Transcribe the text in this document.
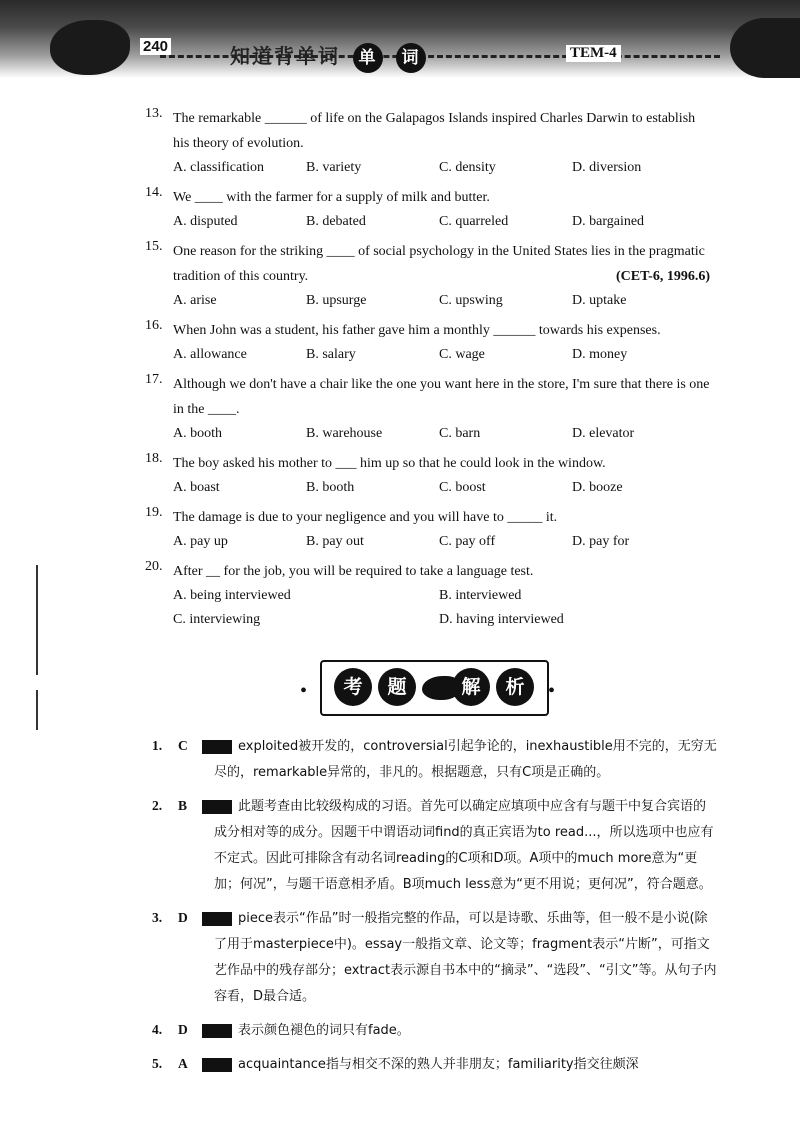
240	知道背单词 单 词	TEM-4
13. The remarkable ______ of life on the Galapagos Islands inspired Charles Darwin to establish his theory of evolution.
A. classification	B. variety	C. density	D. diversion
14. We ____ with the farmer for a supply of milk and butter.
A. disputed	B. debated	C. quarreled	D. bargained
15. One reason for the striking ____ of social psychology in the United States lies in the pragmatic tradition of this country.	(CET-6, 1996.6)
A. arise	B. upsurge	C. upswing	D. uptake
16. When John was a student, his father gave him a monthly ______ towards his expenses.
A. allowance	B. salary	C. wage	D. money
17. Although we don't have a chair like the one you want here in the store, I'm sure that there is one in the ____.
A. booth	B. warehouse	C. barn	D. elevator
18. The boy asked his mother to ___ him up so that he could look in the window.
A. boast	B. booth	C. boost	D. booze
19. The damage is due to your negligence and you will have to _____ it.
A. pay up	B. pay out	C. pay off	D. pay for
20. After __ for the job, you will be required to take a language test.
A. being interviewed	B. interviewed
C. interviewing	D. having interviewed
•	考	题	解	析	•
1. C	exploited被开发的，controversial引起争论的，inexhaustible用不完的，无穷无尽的，remarkable异常的，非凡的。根据题意，只有C项是正确的。
2. B	此题考查由比较级构成的习语。首先可以确定应填项中应含有与题干中复合宾语的成分相对等的成分。因题干中谓语动词find的真正宾语为to read...，所以选项中也应有不定式。因此可排除含有动名词reading的C项和D项。A项中的much more意为“更加；何况”，与题干语意相矛盾。B项much less意为“更不用说；更何况”，符合题意。
3. D	piece表示“作品”时一般指完整的作品，可以是诗歌、乐曲等，但一般不是小说(除了用于masterpiece中)。essay一般指文章、论文等；fragment表示“片断”，可指文艺作品中的残存部分；extract表示源自书本中的“摘录”、“选段”、“引文”等。从句子内容看，D最合适。
4. D	表示颜色褪色的词只有fade。
5. A	acquaintance指与相交不深的熟人并非朋友；familiarity指交往颇深
